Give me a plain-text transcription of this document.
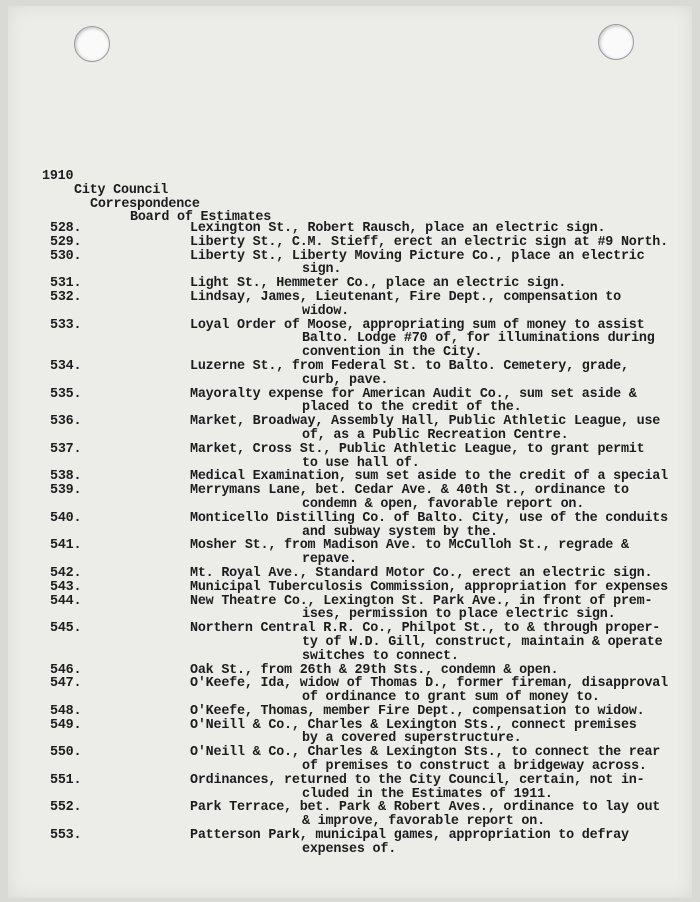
1910
City Council
Correspondence
Board of Estimates
528.	Lexington St., Robert Rausch, place an electric sign.
529.	Liberty St., C.M. Stieff, erect an electric sign at #9 North.
530.	Liberty St., Liberty Moving Picture Co., place an electric
sign.
531.	Light St., Hemmeter Co., place an electric sign.
532.	Lindsay, James, Lieutenant, Fire Dept., compensation to
widow.
533.	Loyal Order of Moose, appropriating sum of money to assist
Balto. Lodge #70 of, for illuminations during
convention in the City.
534.	Luzerne St., from Federal St. to Balto. Cemetery, grade,
curb, pave.
535.	Mayoralty expense for American Audit Co., sum set aside &
placed to the credit of the.
536.	Market, Broadway, Assembly Hall, Public Athletic League, use
of, as a Public Recreation Centre.
537.	Market, Cross St., Public Athletic League, to grant permit
to use hall of.
538.	Medical Examination, sum set aside to the credit of a special
539.	Merrymans Lane, bet. Cedar Ave. & 40th St., ordinance to
condemn & open, favorable report on.
540.	Monticello Distilling Co. of Balto. City, use of the conduits
and subway system by the.
541.	Mosher St., from Madison Ave. to McCulloh St., regrade &
repave.
542.	Mt. Royal Ave., Standard Motor Co., erect an electric sign.
543.	Municipal Tuberculosis Commission, appropriation for expenses
544.	New Theatre Co., Lexington St. Park Ave., in front of prem-
ises, permission to place electric sign.
545.	Northern Central R.R. Co., Philpot St., to & through proper-
ty of W.D. Gill, construct, maintain & operate
switches to connect.
546.	Oak St., from 26th & 29th Sts., condemn & open.
547.	O'Keefe, Ida, widow of Thomas D., former fireman, disapproval
of ordinance to grant sum of money to.
548.	O'Keefe, Thomas, member Fire Dept., compensation to widow.
549.	O'Neill & Co., Charles & Lexington Sts., connect premises
by a covered superstructure.
550.	O'Neill & Co., Charles & Lexington Sts., to connect the rear
of premises to construct a bridgeway across.
551.	Ordinances, returned to the City Council, certain, not in-
cluded in the Estimates of 1911.
552.	Park Terrace, bet. Park & Robert Aves., ordinance to lay out
& improve, favorable report on.
553.	Patterson Park, municipal games, appropriation to defray
expenses of.
